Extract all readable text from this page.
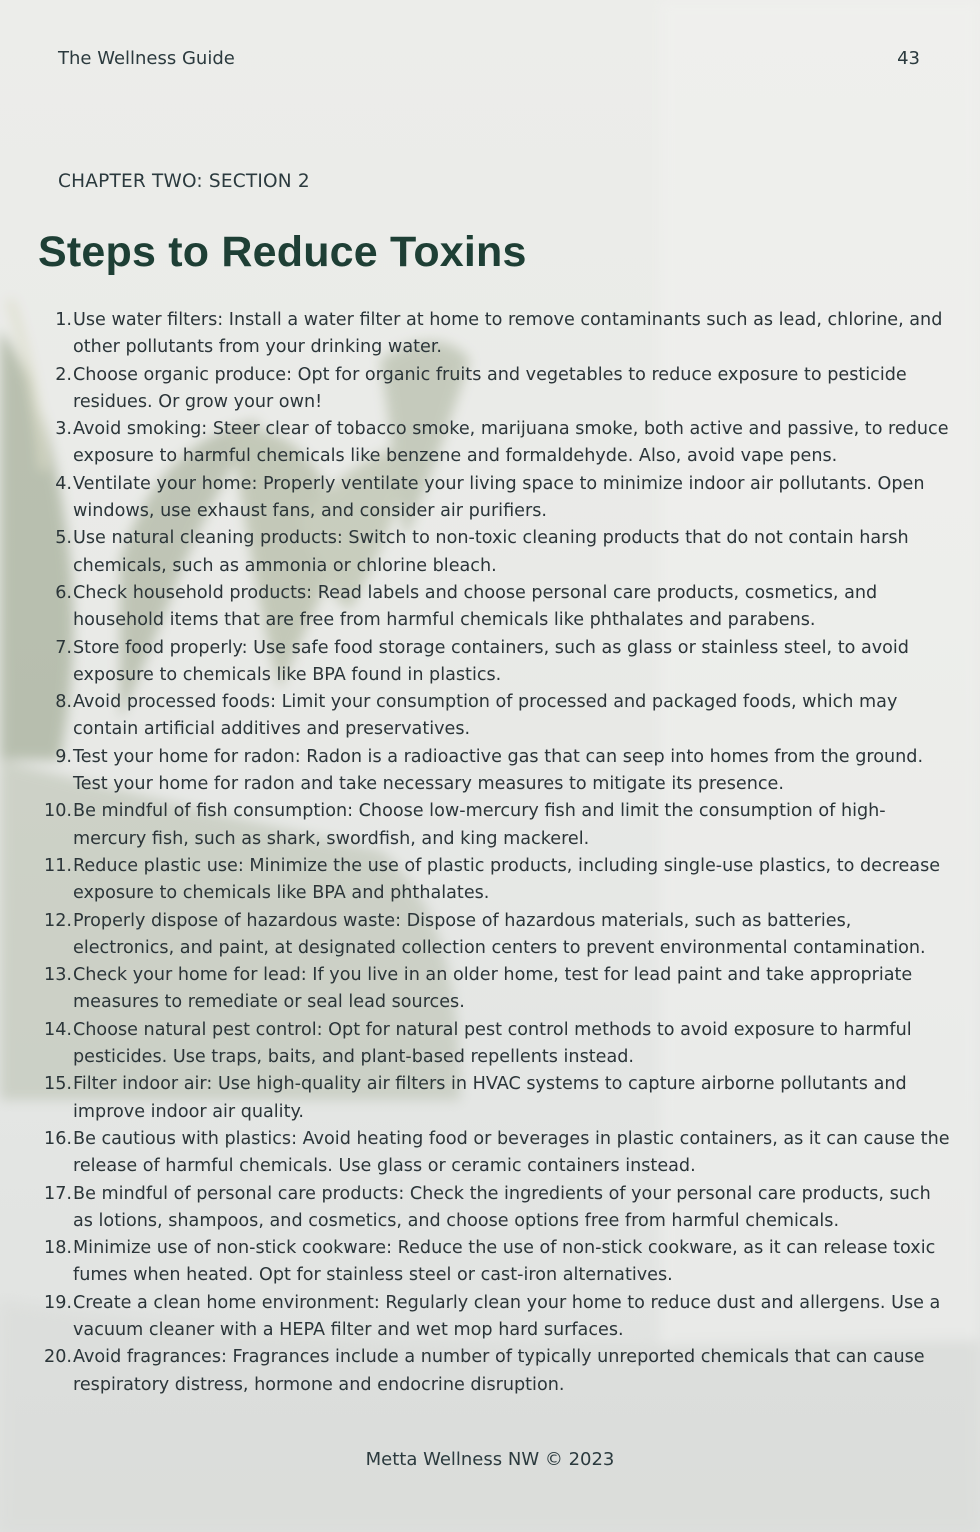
The Wellness Guide	43
CHAPTER TWO: SECTION 2
Steps to Reduce Toxins
1. Use water filters: Install a water filter at home to remove contaminants such as lead, chlorine, and other pollutants from your drinking water.
2. Choose organic produce: Opt for organic fruits and vegetables to reduce exposure to pesticide residues. Or grow your own!
3. Avoid smoking: Steer clear of tobacco smoke, marijuana smoke, both active and passive, to reduce exposure to harmful chemicals like benzene and formaldehyde. Also, avoid vape pens.
4. Ventilate your home: Properly ventilate your living space to minimize indoor air pollutants. Open windows, use exhaust fans, and consider air purifiers.
5. Use natural cleaning products: Switch to non-toxic cleaning products that do not contain harsh chemicals, such as ammonia or chlorine bleach.
6. Check household products: Read labels and choose personal care products, cosmetics, and household items that are free from harmful chemicals like phthalates and parabens.
7. Store food properly: Use safe food storage containers, such as glass or stainless steel, to avoid exposure to chemicals like BPA found in plastics.
8. Avoid processed foods: Limit your consumption of processed and packaged foods, which may contain artificial additives and preservatives.
9. Test your home for radon: Radon is a radioactive gas that can seep into homes from the ground. Test your home for radon and take necessary measures to mitigate its presence.
10. Be mindful of fish consumption: Choose low-mercury fish and limit the consumption of high-mercury fish, such as shark, swordfish, and king mackerel.
11. Reduce plastic use: Minimize the use of plastic products, including single-use plastics, to decrease exposure to chemicals like BPA and phthalates.
12. Properly dispose of hazardous waste: Dispose of hazardous materials, such as batteries, electronics, and paint, at designated collection centers to prevent environmental contamination.
13. Check your home for lead: If you live in an older home, test for lead paint and take appropriate measures to remediate or seal lead sources.
14. Choose natural pest control: Opt for natural pest control methods to avoid exposure to harmful pesticides. Use traps, baits, and plant-based repellents instead.
15. Filter indoor air: Use high-quality air filters in HVAC systems to capture airborne pollutants and improve indoor air quality.
16. Be cautious with plastics: Avoid heating food or beverages in plastic containers, as it can cause the release of harmful chemicals. Use glass or ceramic containers instead.
17. Be mindful of personal care products: Check the ingredients of your personal care products, such as lotions, shampoos, and cosmetics, and choose options free from harmful chemicals.
18. Minimize use of non-stick cookware: Reduce the use of non-stick cookware, as it can release toxic fumes when heated. Opt for stainless steel or cast-iron alternatives.
19. Create a clean home environment: Regularly clean your home to reduce dust and allergens. Use a vacuum cleaner with a HEPA filter and wet mop hard surfaces.
20. Avoid fragrances: Fragrances include a number of typically unreported chemicals that can cause respiratory distress, hormone and endocrine disruption.
Metta Wellness NW © 2023
